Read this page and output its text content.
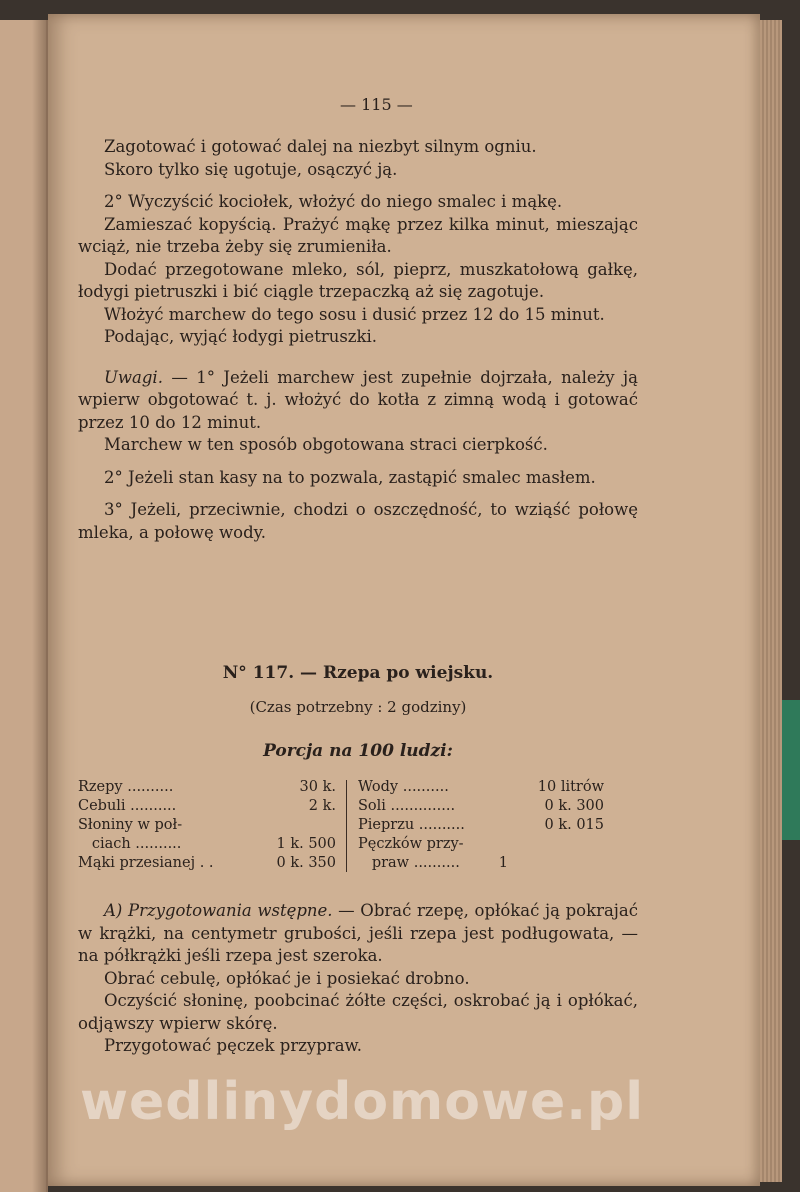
— 115 —

Zagotować i gotować dalej na niezbyt silnym ogniu.

Skoro tylko się ugotuje, osączyć ją.

2° Wyczyścić kociołek, włożyć do niego smalec i mąkę.

Zamieszać kopyścią. Prażyć mąkę przez kilka minut, mieszając wciąż, nie trzeba żeby się zrumieniła.

Dodać przegotowane mleko, sól, pieprz, muszkatołową gałkę, łodygi pietruszki i bić ciągle trzepaczką aż się zagotuje.

Włożyć marchew do tego sosu i dusić przez 12 do 15 minut.

Podając, wyjąć łodygi pietruszki.

Uwagi. — 1° Jeżeli marchew jest zupełnie dojrzała, należy ją wpierw obgotować t. j. włożyć do kotła z zimną wodą i gotować przez 10 do 12 minut.

Marchew w ten sposób obgotowana straci cierpkość.

2° Jeżeli stan kasy na to pozwala, zastąpić smalec masłem.

3° Jeżeli, przeciwnie, chodzi o oszczędność, to wziąść połowę mleka, a połowę wody.

N° 117. — Rzepa po wiejsku.
(Czas potrzebny : 2 godziny)
Porcja na 100 ludzi:
Rzepy ..........	30 k.
Cebuli ..........	2 k.
Słoniny w poł-
ciach ..........	1 k. 500
Mąki przesianej . .	0 k. 350
Wody ..........	10 litrów
Soli ..............	0 k. 300
Pieprzu ..........	0 k. 015
Pęczków przy-
praw ..........	1

A) Przygotowania wstępne. — Obrać rzepę, opłókać ją pokrajać w krążki, na centymetr grubości, jeśli rzepa jest podługowata, — na półkrążki jeśli rzepa jest szeroka.

Obrać cebulę, opłókać je i posiekać drobno.

Oczyścić słoninę, poobcinać żółte części, oskrobać ją i opłókać, odjąwszy wpierw skórę.

Przygotować pęczek przypraw.

wedlinydomowe.pl
